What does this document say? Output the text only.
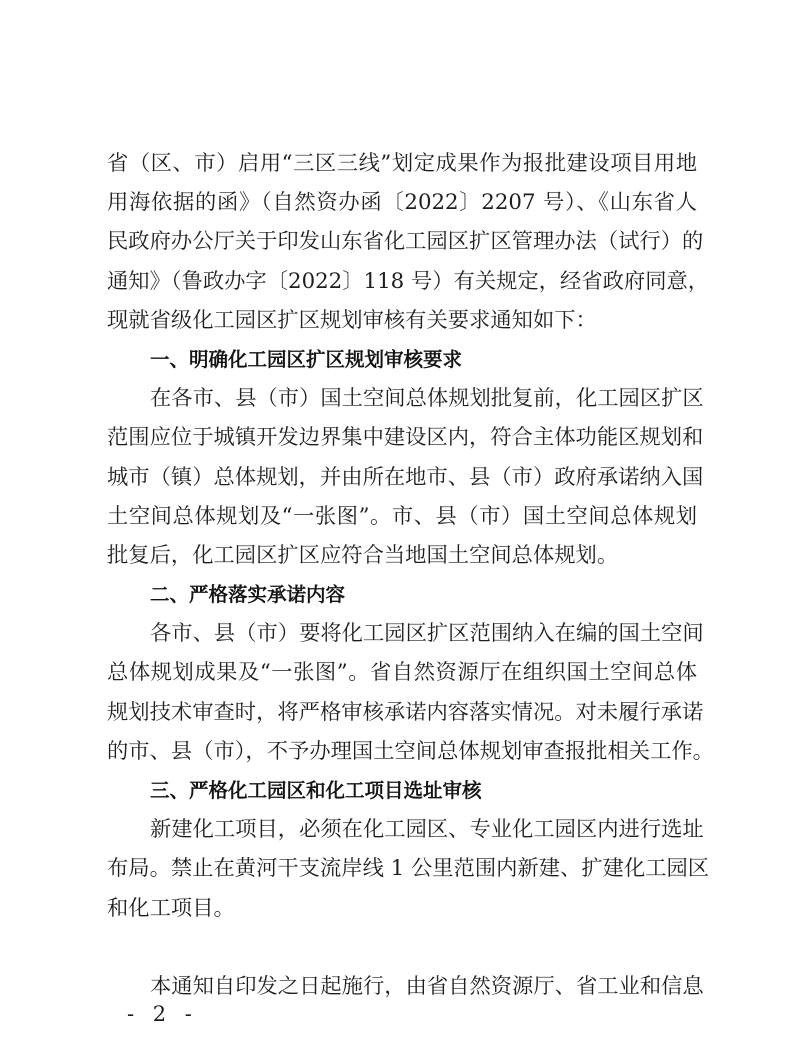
省（区、市）启用“三区三线”划定成果作为报批建设项目用地
用海依据的函》（自然资办函〔2022〕2207 号）、《山东省人
民政府办公厅关于印发山东省化工园区扩区管理办法（试行）的
通知》（鲁政办字〔2022〕118 号）有关规定，经省政府同意，
现就省级化工园区扩区规划审核有关要求通知如下：
一、明确化工园区扩区规划审核要求
在各市、县（市）国土空间总体规划批复前，化工园区扩区
范围应位于城镇开发边界集中建设区内，符合主体功能区规划和
城市（镇）总体规划，并由所在地市、县（市）政府承诺纳入国
土空间总体规划及“一张图”。市、县（市）国土空间总体规划
批复后，化工园区扩区应符合当地国土空间总体规划。
二、严格落实承诺内容
各市、县（市）要将化工园区扩区范围纳入在编的国土空间
总体规划成果及“一张图”。省自然资源厅在组织国土空间总体
规划技术审查时，将严格审核承诺内容落实情况。对未履行承诺
的市、县（市），不予办理国土空间总体规划审查报批相关工作。
三、严格化工园区和化工项目选址审核
新建化工项目，必须在化工园区、专业化工园区内进行选址
布局。禁止在黄河干支流岸线 1 公里范围内新建、扩建化工园区
和化工项目。
本通知自印发之日起施行，由省自然资源厅、省工业和信息
- 2 -
